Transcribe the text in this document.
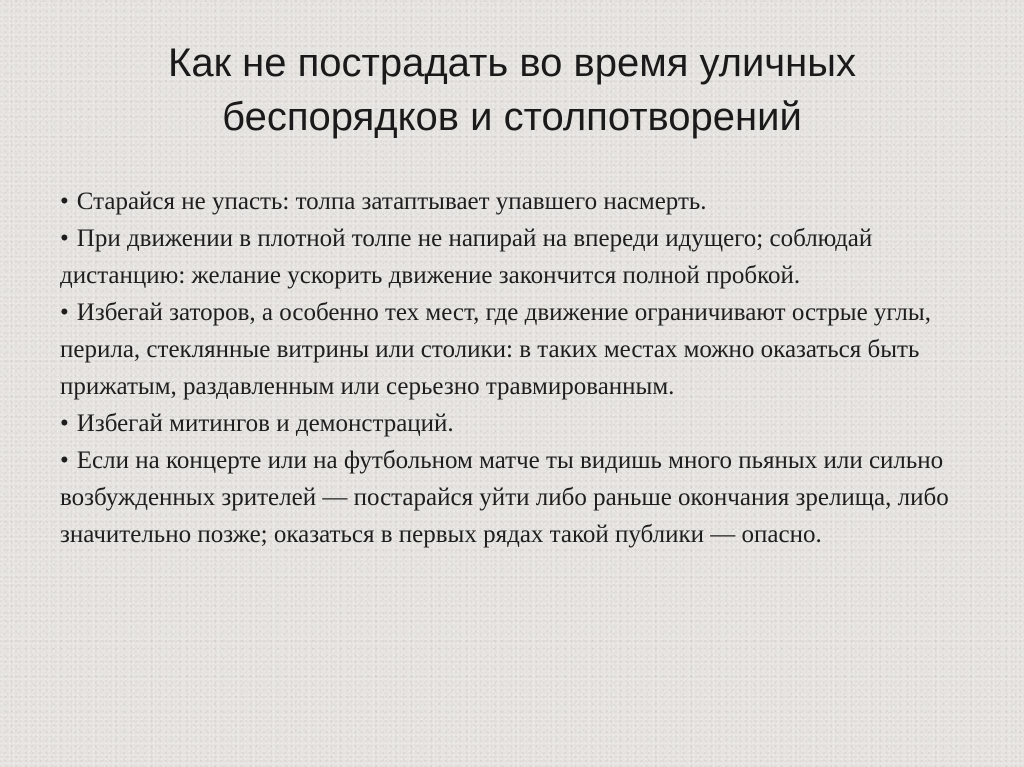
Как не пострадать во время уличных
беспорядков и столпотворений
• Старайся не упасть: толпа затаптывает упавшего насмерть.
• При движении в плотной толпе не напирай на впереди идущего; соблюдай дистанцию: желание ускорить движение закончится полной пробкой.
• Избегай заторов, а особенно тех мест, где движение ограничивают острые углы, перила, стеклянные витрины или столики: в таких местах можно оказаться быть прижатым, раздавленным или серьезно травмированным.
• Избегай митингов и демонстраций.
• Если на концерте или на футбольном матче ты видишь много пьяных или сильно возбужденных зрителей — постарайся уйти либо раньше окончания зрелища, либо значительно позже; оказаться в первых рядах такой публики — опасно.
